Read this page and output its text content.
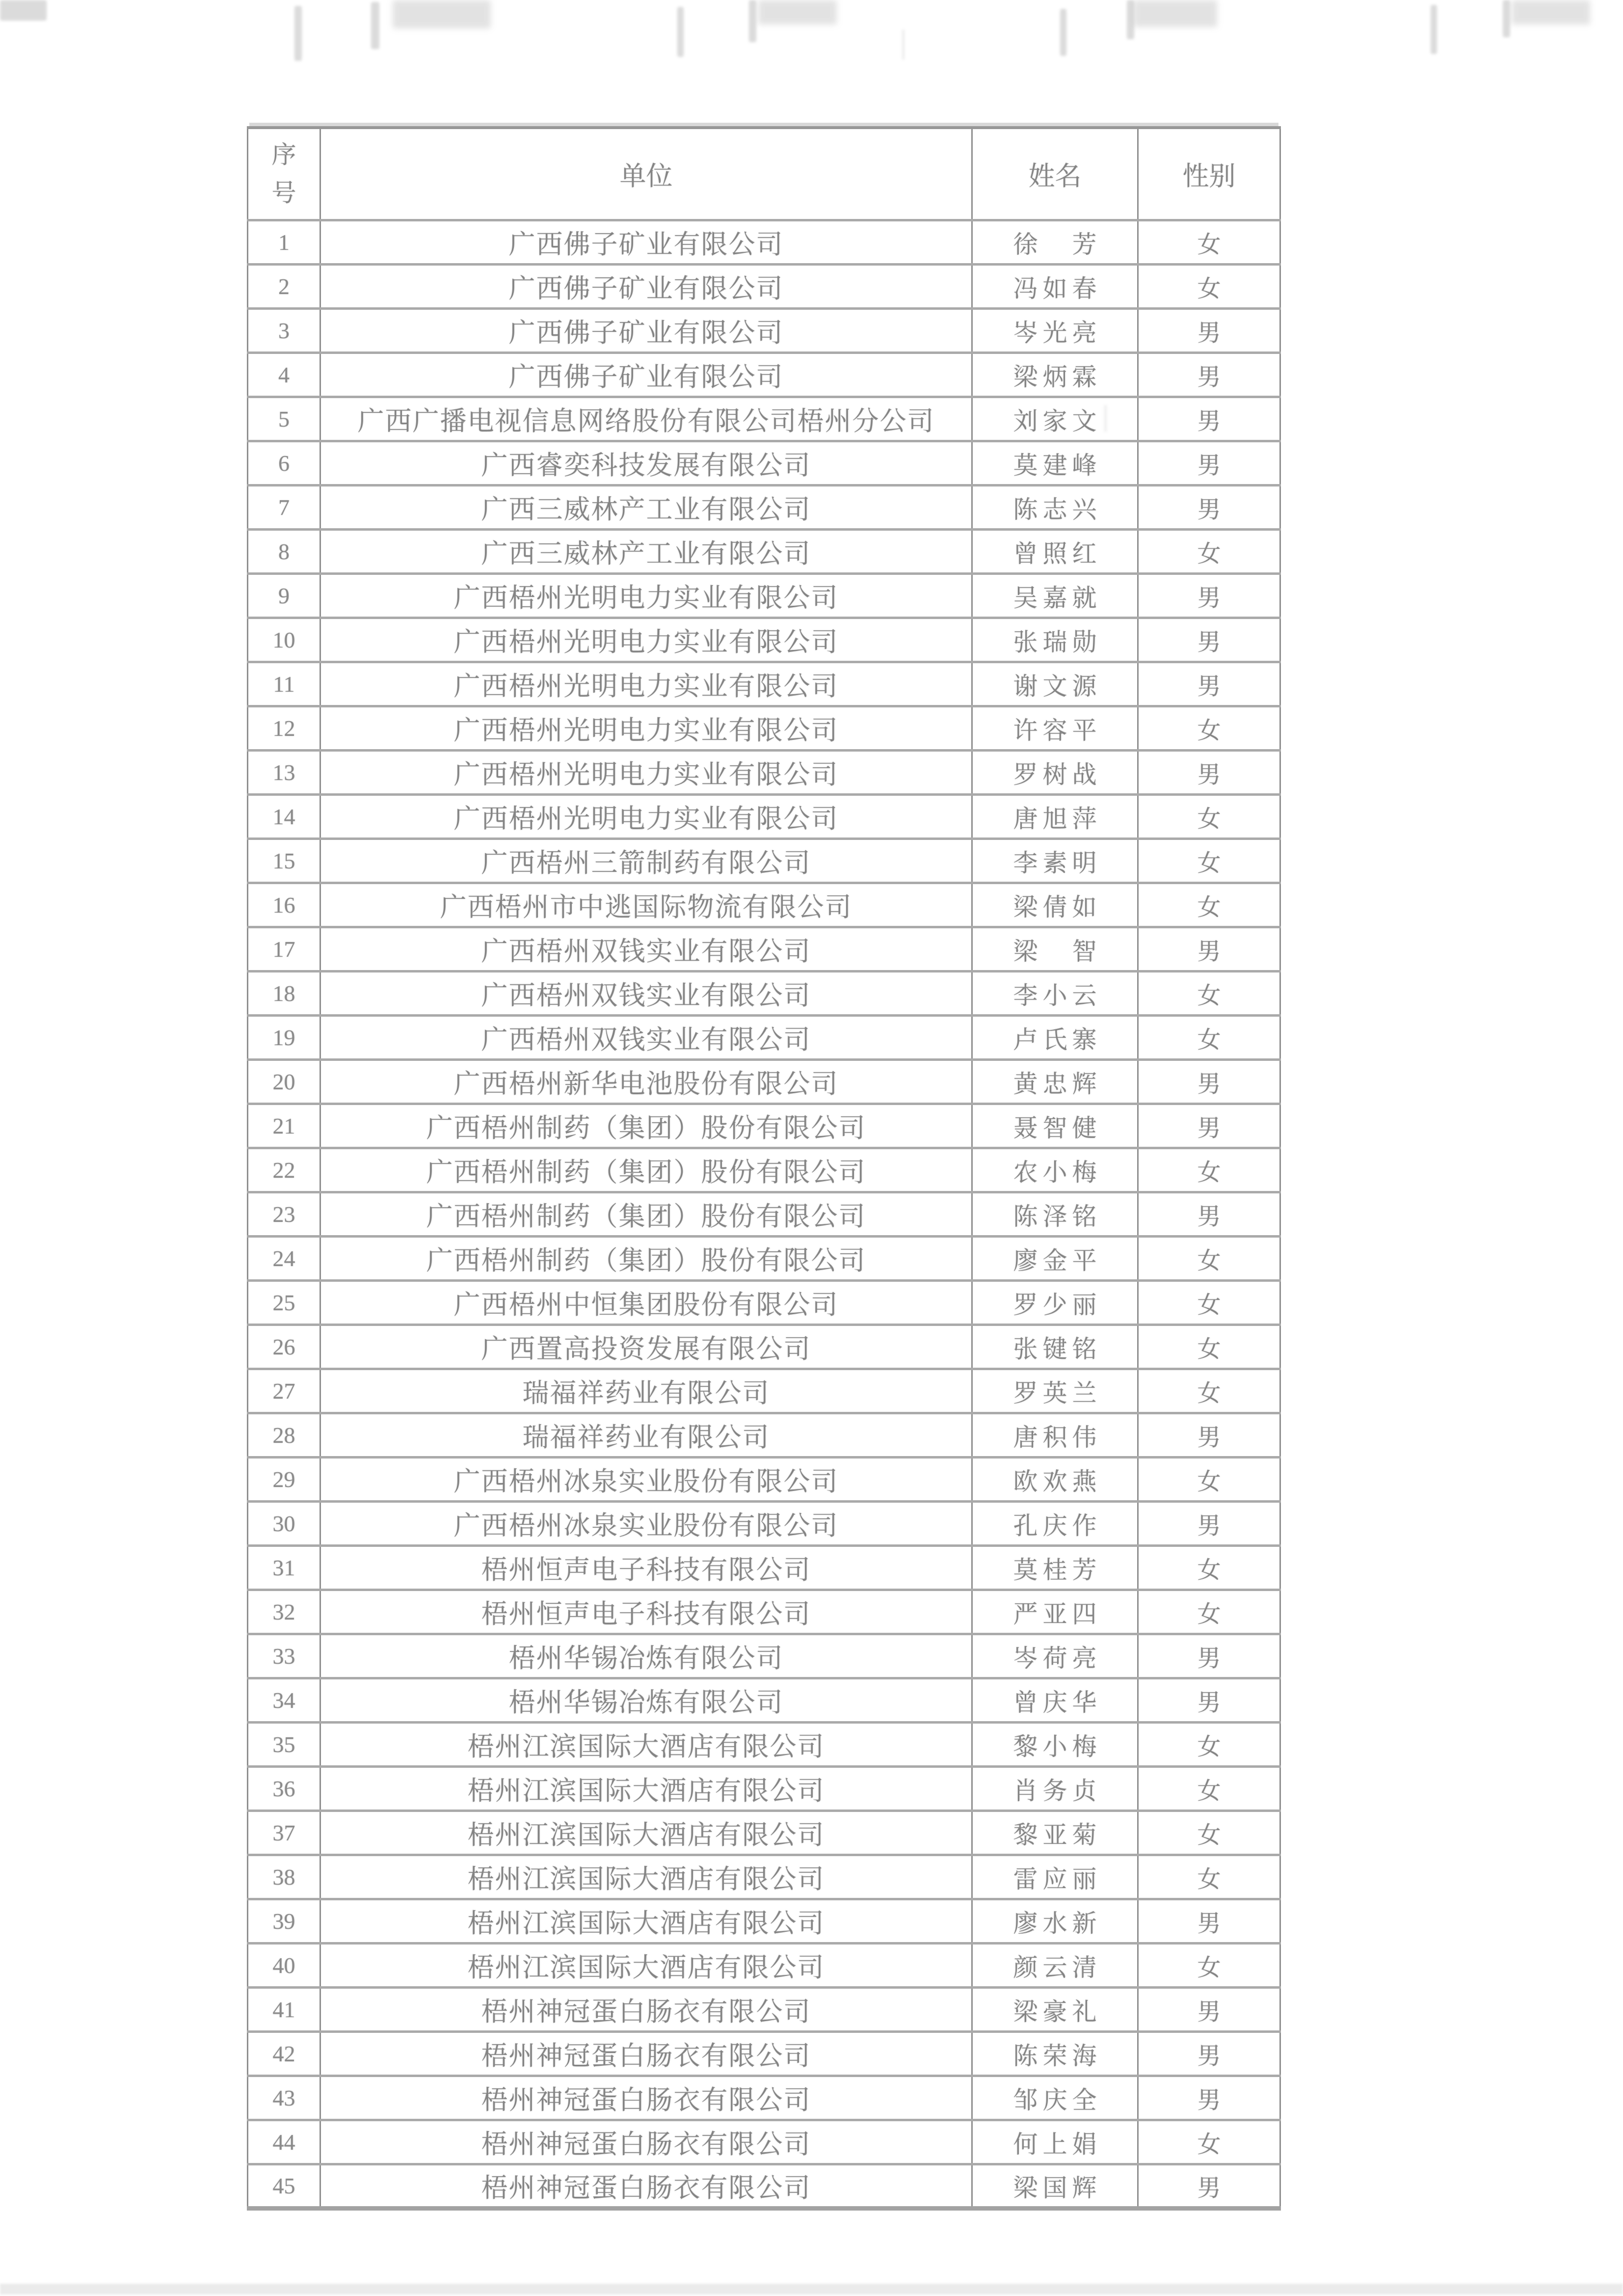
序号	单位	姓名	性别
1	广西佛子矿业有限公司	徐芳	女
2	广西佛子矿业有限公司	冯如春	女
3	广西佛子矿业有限公司	岑光亮	男
4	广西佛子矿业有限公司	梁炳霖	男
5	广西广播电视信息网络股份有限公司梧州分公司	刘家文	男
6	广西睿奕科技发展有限公司	莫建峰	男
7	广西三威林产工业有限公司	陈志兴	男
8	广西三威林产工业有限公司	曾照红	女
9	广西梧州光明电力实业有限公司	吴嘉就	男
10	广西梧州光明电力实业有限公司	张瑞勋	男
11	广西梧州光明电力实业有限公司	谢文源	男
12	广西梧州光明电力实业有限公司	许容平	女
13	广西梧州光明电力实业有限公司	罗树战	男
14	广西梧州光明电力实业有限公司	唐旭萍	女
15	广西梧州三箭制药有限公司	李素明	女
16	广西梧州市中逃国际物流有限公司	梁倩如	女
17	广西梧州双钱实业有限公司	梁智	男
18	广西梧州双钱实业有限公司	李小云	女
19	广西梧州双钱实业有限公司	卢氏寨	女
20	广西梧州新华电池股份有限公司	黄忠辉	男
21	广西梧州制药（集团）股份有限公司	聂智健	男
22	广西梧州制药（集团）股份有限公司	农小梅	女
23	广西梧州制药（集团）股份有限公司	陈泽铭	男
24	广西梧州制药（集团）股份有限公司	廖金平	女
25	广西梧州中恒集团股份有限公司	罗少丽	女
26	广西置高投资发展有限公司	张键铭	女
27	瑞福祥药业有限公司	罗英兰	女
28	瑞福祥药业有限公司	唐积伟	男
29	广西梧州冰泉实业股份有限公司	欧欢燕	女
30	广西梧州冰泉实业股份有限公司	孔庆作	男
31	梧州恒声电子科技有限公司	莫桂芳	女
32	梧州恒声电子科技有限公司	严亚四	女
33	梧州华锡冶炼有限公司	岑荷亮	男
34	梧州华锡冶炼有限公司	曾庆华	男
35	梧州江滨国际大酒店有限公司	黎小梅	女
36	梧州江滨国际大酒店有限公司	肖务贞	女
37	梧州江滨国际大酒店有限公司	黎亚菊	女
38	梧州江滨国际大酒店有限公司	雷应丽	女
39	梧州江滨国际大酒店有限公司	廖水新	男
40	梧州江滨国际大酒店有限公司	颜云清	女
41	梧州神冠蛋白肠衣有限公司	梁豪礼	男
42	梧州神冠蛋白肠衣有限公司	陈荣海	男
43	梧州神冠蛋白肠衣有限公司	邹庆全	男
44	梧州神冠蛋白肠衣有限公司	何上娟	女
45	梧州神冠蛋白肠衣有限公司	梁国辉	男
